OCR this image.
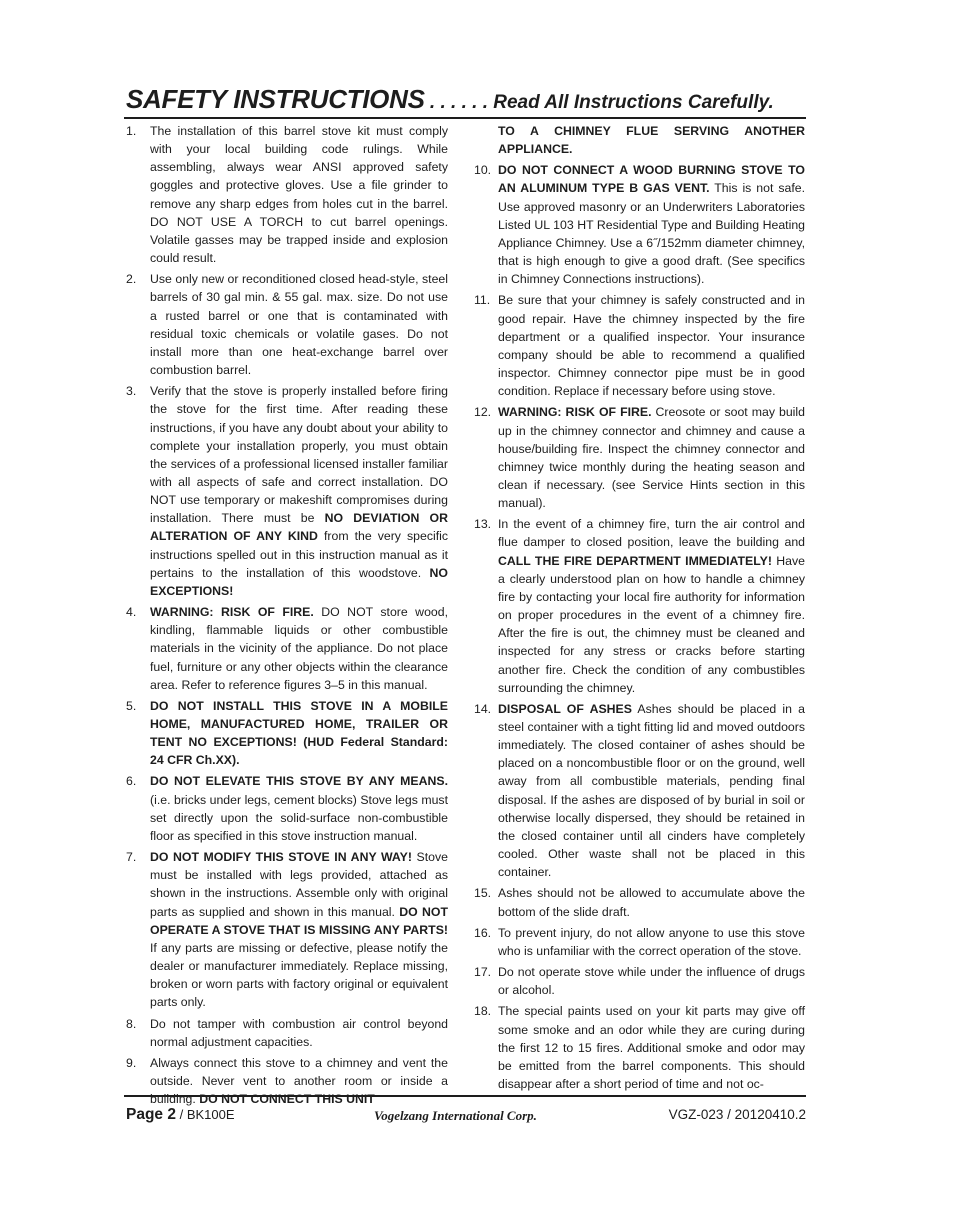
SAFETY INSTRUCTIONS . . . . . . Read All Instructions Carefully.
1.	The installation of this barrel stove kit must comply with your local building code rulings. While assembling, always wear ANSI approved safety goggles and protective gloves. Use a file grinder to remove any sharp edges from holes cut in the barrel. DO NOT USE A TORCH to cut barrel openings. Volatile gasses may be trapped inside and explosion could result.
2.	Use only new or reconditioned closed head-style, steel barrels of 30 gal min. & 55 gal. max. size. Do not use a rusted barrel or one that is contaminated with residual toxic chemicals or volatile gases. Do not install more than one heat-exchange barrel over combustion barrel.
3.	Verify that the stove is properly installed before firing the stove for the first time. After reading these instructions, if you have any doubt about your ability to complete your installation properly, you must obtain the services of a professional licensed installer familiar with all aspects of safe and correct installation. DO NOT use temporary or makeshift compromises during installation. There must be NO DEVIATION OR ALTERATION OF ANY KIND from the very specific instructions spelled out in this instruction manual as it pertains to the installation of this woodstove. NO EXCEPTIONS!
4.	WARNING: RISK OF FIRE. DO NOT store wood, kindling, flammable liquids or other combustible materials in the vicinity of the appliance. Do not place fuel, furniture or any other objects within the clearance area. Refer to reference figures 3–5 in this manual.
5.	DO NOT INSTALL THIS STOVE IN A MOBILE HOME, MANUFACTURED HOME, TRAILER OR TENT NO EXCEPTIONS! (HUD Federal Standard: 24 CFR Ch.XX).
6.	DO NOT ELEVATE THIS STOVE BY ANY MEANS. (i.e. bricks under legs, cement blocks) Stove legs must set directly upon the solid-surface non-combustible floor as specified in this stove instruction manual.
7.	DO NOT MODIFY THIS STOVE IN ANY WAY! Stove must be installed with legs provided, attached as shown in the instructions. Assemble only with original parts as supplied and shown in this manual. DO NOT OPERATE A STOVE THAT IS MISSING ANY PARTS! If any parts are missing or defective, please notify the dealer or manufacturer immediately. Replace missing, broken or worn parts with factory original or equivalent parts only.
8.	Do not tamper with combustion air control beyond normal adjustment capacities.
9.	Always connect this stove to a chimney and vent the outside. Never vent to another room or inside a building. DO NOT CONNECT THIS UNIT
TO A CHIMNEY FLUE SERVING ANOTHER APPLIANCE.
10. DO NOT CONNECT A WOOD BURNING STOVE TO AN ALUMINUM TYPE B GAS VENT. This is not safe. Use approved masonry or an Underwriters Laboratories Listed UL 103 HT Residential Type and Building Heating Appliance Chimney. Use a 6˝/152mm diameter chimney, that is high enough to give a good draft. (See specifics in Chimney Connections instructions).
11. Be sure that your chimney is safely constructed and in good repair. Have the chimney inspected by the fire department or a qualified inspector. Your insurance company should be able to recommend a qualified inspector. Chimney connector pipe must be in good condition. Replace if necessary before using stove.
12. WARNING: RISK OF FIRE. Creosote or soot may build up in the chimney connector and chimney and cause a house/building fire. Inspect the chimney connector and chimney twice monthly during the heating season and clean if necessary. (see Service Hints section in this manual).
13. In the event of a chimney fire, turn the air control and flue damper to closed position, leave the building and CALL THE FIRE DEPARTMENT IMMEDIATELY! Have a clearly understood plan on how to handle a chimney fire by contacting your local fire authority for information on proper procedures in the event of a chimney fire. After the fire is out, the chimney must be cleaned and inspected for any stress or cracks before starting another fire. Check the condition of any combustibles surrounding the chimney.
14. DISPOSAL OF ASHES Ashes should be placed in a steel container with a tight fitting lid and moved outdoors immediately. The closed container of ashes should be placed on a noncombustible floor or on the ground, well away from all combustible materials, pending final disposal. If the ashes are disposed of by burial in soil or otherwise locally dispersed, they should be retained in the closed container until all cinders have completely cooled. Other waste shall not be placed in this container.
15. Ashes should not be allowed to accumulate above the bottom of the slide draft.
16. To prevent injury, do not allow anyone to use this stove who is unfamiliar with the correct operation of the stove.
17. Do not operate stove while under the influence of drugs or alcohol.
18. The special paints used on your kit parts may give off some smoke and an odor while they are curing during the first 12 to 15 fires. Additional smoke and odor may be emitted from the barrel components. This should disappear after a short period of time and not oc-
Page 2 / BK100E	Vogelzang International Corp.	VGZ-023 / 20120410.2
